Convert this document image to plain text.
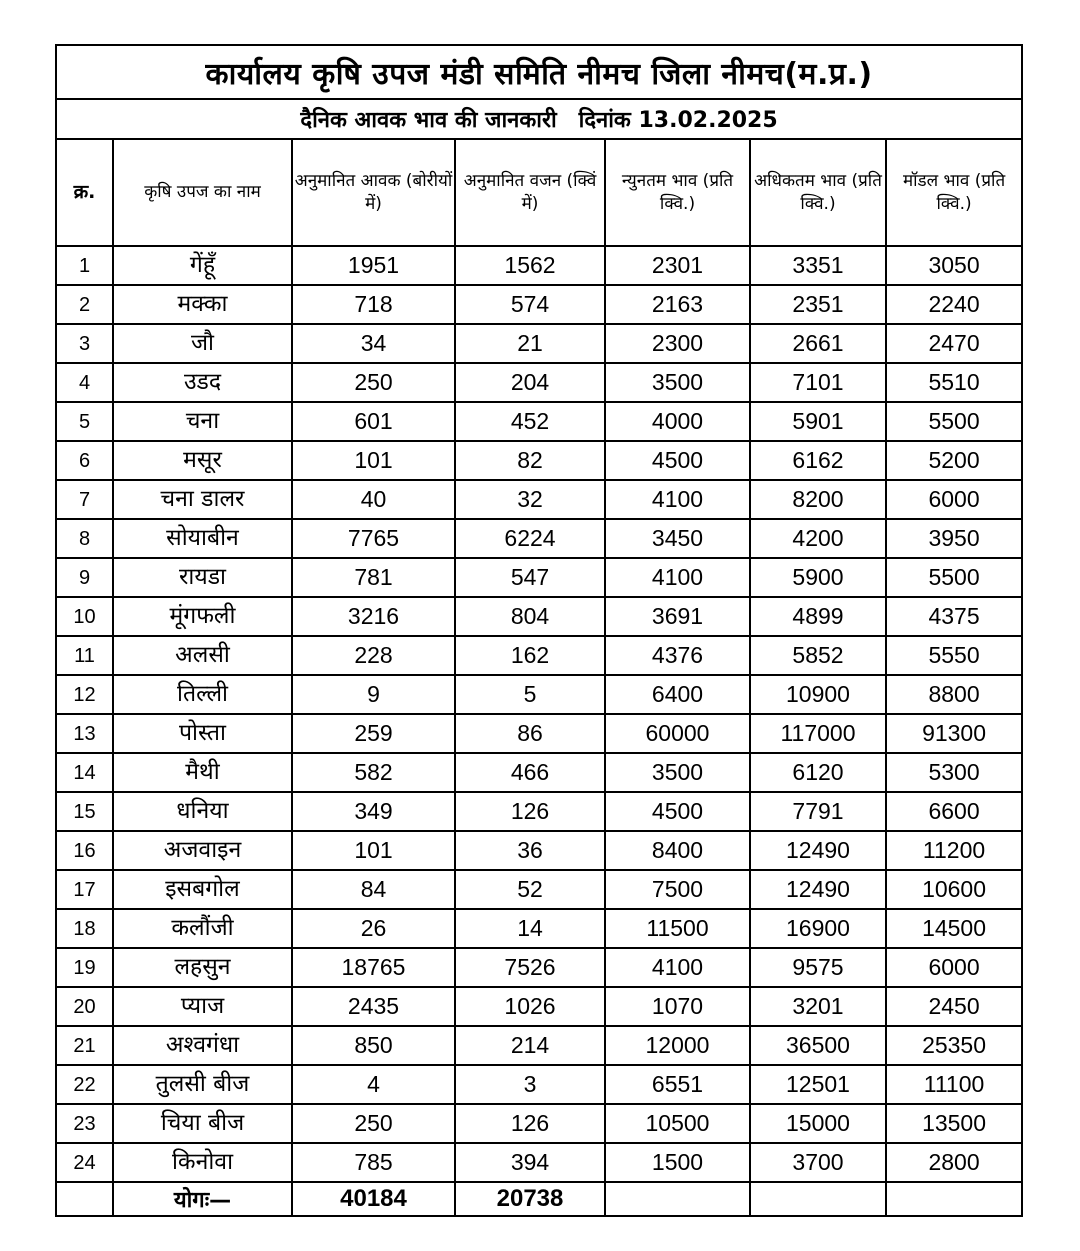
कार्यालय कृषि उपज मंडी समिति नीमच जिला नीमच(म.प्र.)						
दैनिक आवक भाव की जानकारी दिनांक 13.02.2025						
क्र.	कृषि उपज का नाम	अनुमानित आवक (बोरीयों में)	अनुमानित वजन (क्विं में)	न्युनतम भाव (प्रति क्वि.)	अधिकतम भाव (प्रति क्वि.)	मॉडल भाव (प्रति क्वि.)
1	गेंहूँ	1951	1562	2301	3351	3050
2	मक्का	718	574	2163	2351	2240
3	जौ	34	21	2300	2661	2470
4	उडद	250	204	3500	7101	5510
5	चना	601	452	4000	5901	5500
6	मसूर	101	82	4500	6162	5200
7	चना डालर	40	32	4100	8200	6000
8	सोयाबीन	7765	6224	3450	4200	3950
9	रायडा	781	547	4100	5900	5500
10	मूंगफली	3216	804	3691	4899	4375
11	अलसी	228	162	4376	5852	5550
12	तिल्ली	9	5	6400	10900	8800
13	पोस्ता	259	86	60000	117000	91300
14	मैथी	582	466	3500	6120	5300
15	धनिया	349	126	4500	7791	6600
16	अजवाइन	101	36	8400	12490	11200
17	इसबगोल	84	52	7500	12490	10600
18	कलौंजी	26	14	11500	16900	14500
19	लहसुन	18765	7526	4100	9575	6000
20	प्याज	2435	1026	1070	3201	2450
21	अश्वगंधा	850	214	12000	36500	25350
22	तुलसी बीज	4	3	6551	12501	11100
23	चिया बीज	250	126	10500	15000	13500
24	किनोवा	785	394	1500	3700	2800
	योगः—	40184	20738			
